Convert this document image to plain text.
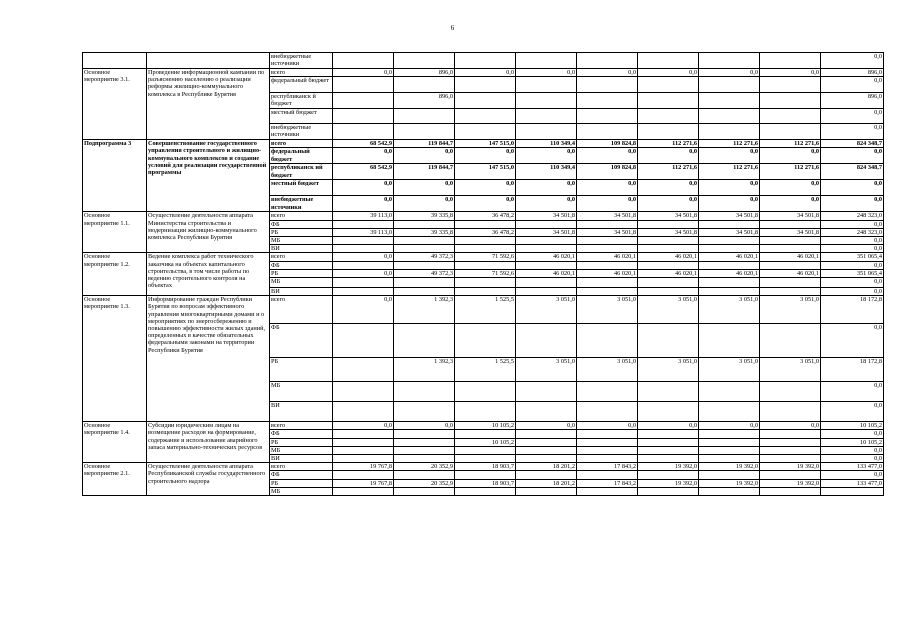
6

		внебюджетные источники									0,0

Основное мероприятие 3.1.	Проведение информационной кампании по разъяснению населению о реализации реформы жилищно-коммунального комплекса в Республике Бурятия	всего	0,0	896,0	0,0	0,0	0,0	0,0	0,0	0,0	896,0

		федеральный бюджет									0,0

		республиканск й бюджет		896,0							896,0

		местный бюджет									0,0

		внебюджетные источники									0,0

Подпрограмма 3	Совершенствование государственного управления строительного и жилищно-коммунального комплексов и создание условий для реализации государственной программы	всего	68 542,9	119 844,7	147 515,0	110 349,4	109 824,8	112 271,6	112 271,6	112 271,6	824 348,7

		федеральный бюджет	0,0	0,0	0,0	0,0	0,0	0,0	0,0	0,0	0,0

		республиканск ий бюджет	68 542,9	119 844,7	147 515,0	110 349,4	109 824,8	112 271,6	112 271,6	112 271,6	824 348,7

		местный бюджет	0,0	0,0	0,0	0,0	0,0	0,0	0,0	0,0	0,0

		внебюджетные источники	0,0	0,0	0,0	0,0	0,0	0,0	0,0	0,0	0,0

Основное мероприятие 1.1.	Осуществление деятельности аппарата Министерства строительства и модернизации жилищно-коммунального комплекса Республики Бурятия	всего	39 113,0	39 335,8	36 478,2	34 501,8	34 501,8	34 501,8	34 501,8	34 501,8	248 323,0

		ФБ									0,0

		РБ	39 113,0	39 335,8	36 478,2	34 501,8	34 501,8	34 501,8	34 501,8	34 501,8	248 323,0

		МБ									0,0

		ВИ									0,0

Основное мероприятие 1.2.	Ведение комплекса работ технического заказчика на объектах капитального строительства, в том числе работы по ведению строительного контроля на объектах	всего	0,0	49 372,3	71 592,6	46 020,1	46 020,1	46 020,1	46 020,1	46 020,1	351 065,4

		ФБ									0,0

		РБ	0,0	49 372,3	71 592,6	46 020,1	46 020,1	46 020,1	46 020,1	46 020,1	351 065,4

		МБ									0,0

		ВИ									0,0

Основное мероприятие 1.3.	Информирование граждан Республики Бурятия по вопросам эффективного управления многоквартирными домами и о мероприятиях по энергосбережению и повышению эффективности жилых зданий, определенных в качестве обязательных федеральными законами на территории Республики Бурятия	всего	0,0	1 392,3	1 525,5	3 051,0	3 051,0	3 051,0	3 051,0	3 051,0	18 172,8

		ФБ									0,0

		РБ		1 392,3	1 525,5	3 051,0	3 051,0	3 051,0	3 051,0	3 051,0	18 172,8

		МБ									0,0

		ВИ									0,0

Основное мероприятие 1.4.	Субсидии юридическим лицам на возмещение расходов на формирование, содержание и использование аварийного запаса материально-технических ресурсов	всего	0,0	0,0	10 105,2	0,0	0,0	0,0	0,0	0,0	10 105,2

		ФБ									0,0

		РБ			10 105,2						10 105,2

		МБ									0,0

		ВИ									0,0

Основное мероприятие 2.1.	Осуществление деятельности аппарата Республиканской службы государственного строительного надзора	всего	19 767,8	20 352,9	18 903,7	18 201,2	17 843,2	19 392,0	19 392,0	19 392,0	133 477,0

		ФБ									0,0

		РБ	19 767,8	20 352,9	18 903,7	18 201,2	17 843,2	19 392,0	19 392,0	19 392,0	133 477,0

		МБ									
